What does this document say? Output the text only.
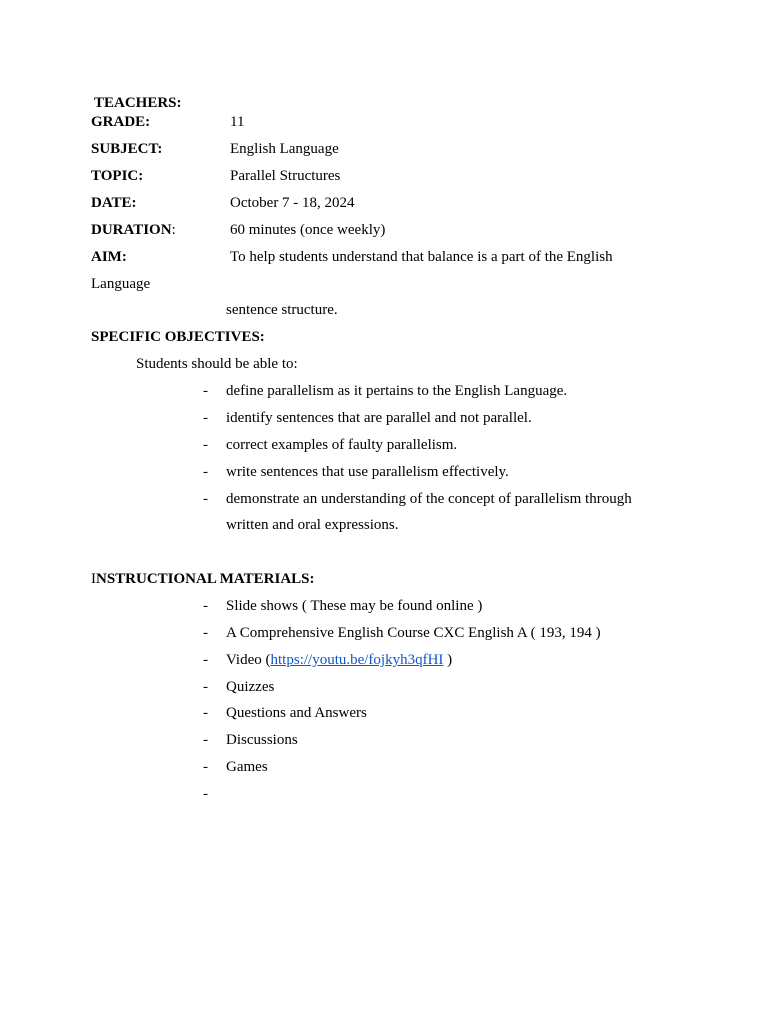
TEACHERS:
GRADE:	11
SUBJECT:	English Language
TOPIC:	Parallel Structures
DATE:	October 7 - 18, 2024
DURATION:	60 minutes (once weekly)
AIM:	To help students understand that balance is a part of the English
Language
sentence structure.
SPECIFIC OBJECTIVES:
Students should be able to:
- define parallelism as it pertains to the English Language.
- identify sentences that are parallel and not parallel.
- correct examples of faulty parallelism.
- write sentences that use parallelism effectively.
- demonstrate an understanding of the concept of parallelism through
written and oral expressions.
INSTRUCTIONAL MATERIALS:
- Slide shows ( These may be found online )
- A Comprehensive English Course CXC English A ( 193, 194 )
- Video (https://youtu.be/fojkyh3qfHI )
- Quizzes
- Questions and Answers
- Discussions
- Games
-
